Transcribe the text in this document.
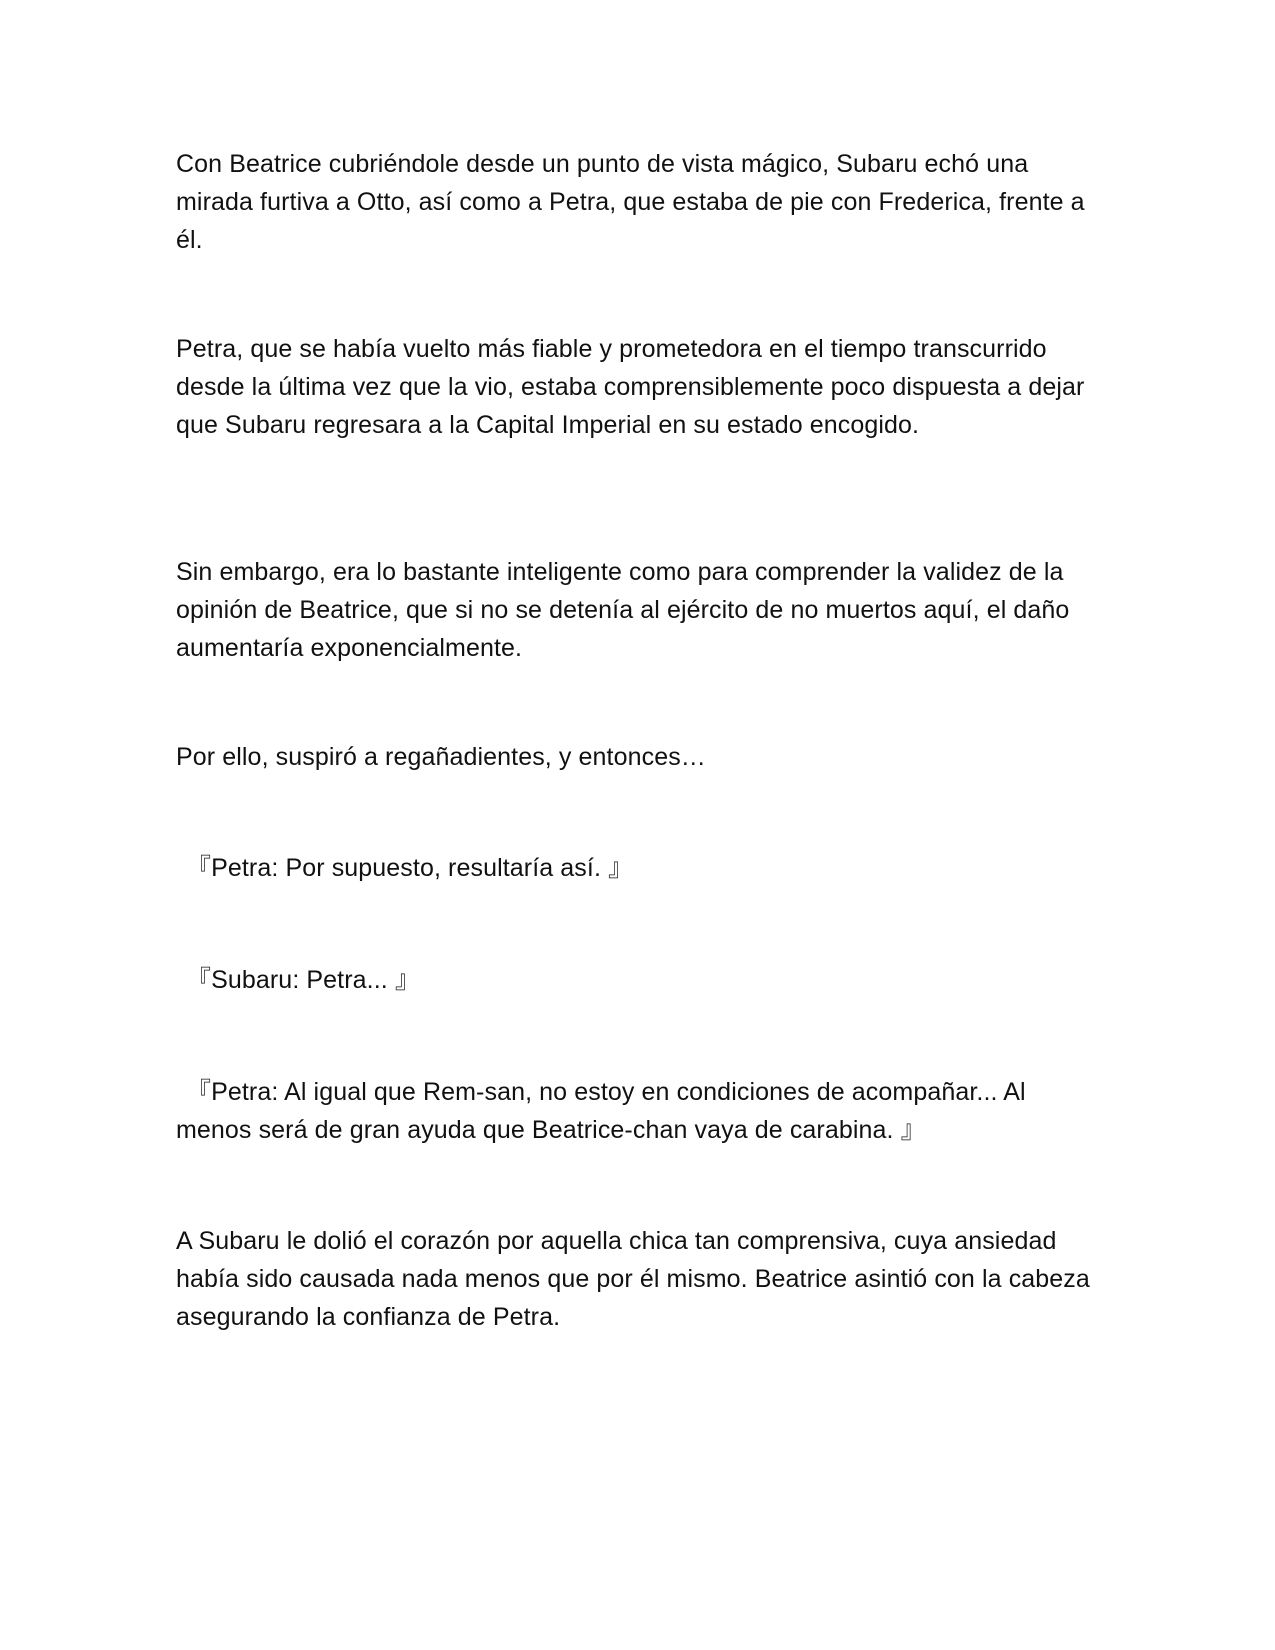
Con Beatrice cubriéndole desde un punto de vista mágico, Subaru echó una mirada furtiva a Otto, así como a Petra, que estaba de pie con Frederica, frente a él.

Petra, que se había vuelto más fiable y prometedora en el tiempo transcurrido desde la última vez que la vio, estaba comprensiblemente poco dispuesta a dejar que Subaru regresara a la Capital Imperial en su estado encogido.

Sin embargo, era lo bastante inteligente como para comprender la validez de la opinión de Beatrice, que si no se detenía al ejército de no muertos aquí, el daño aumentaría exponencialmente.

Por ello, suspiró a regañadientes, y entonces…

『Petra: Por supuesto, resultaría así. 』

『Subaru: Petra... 』

『Petra: Al igual que Rem-san, no estoy en condiciones de acompañar... Al menos será de gran ayuda que Beatrice-chan vaya de carabina. 』

A Subaru le dolió el corazón por aquella chica tan comprensiva, cuya ansiedad había sido causada nada menos que por él mismo. Beatrice asintió con la cabeza asegurando la confianza de Petra.
